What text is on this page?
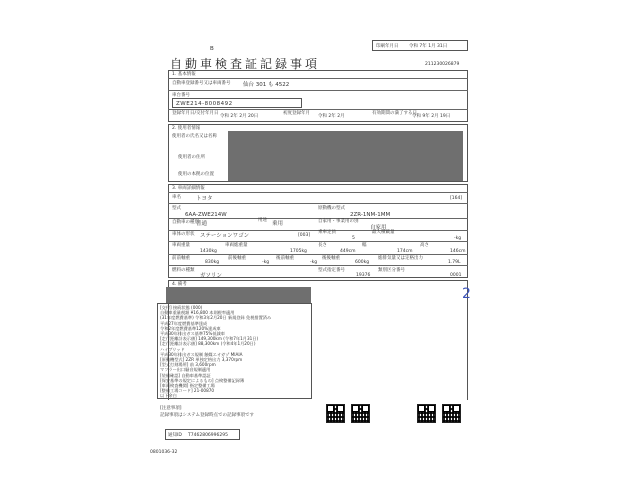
B
自動車検査証記録事項
印刷年月日 令和 7年 1月 31日
211230026879
1. 基本情報
自動車登録番号又は車両番号 仙台 301 も 4522
車台番号
ZWE214-8008492
登録年月日/交付年月日
令和 2年 2月 20日
初度登録年月
令和 2年 2月
有効期間の満了する日
令和 9年 2月 19日
2. 使用者情報
使用者の氏名又は名称
使用者の住所
使用の本拠の位置
3. 車両詳細情報
車名	トヨタ	[164]
型式
6AA-ZWE214W
原動機の型式
2ZR-1NM-1MM
自動車の種別
普通
用途
乗用	自家用・事業用の別
自家用
車体の形状 ステーションワゴン	[003]
乗車定員
5
最大積載量
-kg
車両重量
1430kg
車両総重量
1705kg
長さ
449cm
幅
174cm
高さ
146cm
前前軸重
830kg
前後軸重
-kg
後前軸重
-kg
後後軸重
600kg
総排気量又は定格出力
1.79L
燃料の種類
ガソリン
型式指定番号
19376
類別区分番号
0001
4. 備考
[交付] 接続状態 (000)
自動車重量税額 ¥16,800 本則税率適用
(31年度燃費基準) 令和3年2月20日 新規登録 免税措置済み
平成27年度燃費基準達成
令和2年度燃費基準120%達成車
平成30年排出ガス基準75%低減車
[走行距離計表示値] 149,300km (令和7年1月31日)
[走行距離計表示値] 88,300km (令和4年1月20日)
ハイブリッド
平成30年排出ガス規制 触媒エオガゾ MIAIA
[原動機型式] 2ZR 単独定格出力 3,370rpm
[型式打刻場所] 前 3,600rpm
マフラー出口騒音規制適用
[装備確認] 自動車基準認証
[保安基準の規定によるもの] 点検整備記録簿
[車両検査機関] 指定整備工場
[整備工場コード] 21-00870
以下余白
2
[注意事項]
記録事項はシステム登録時点での記録事項です
通知ID T7462806996295
0801036-32
